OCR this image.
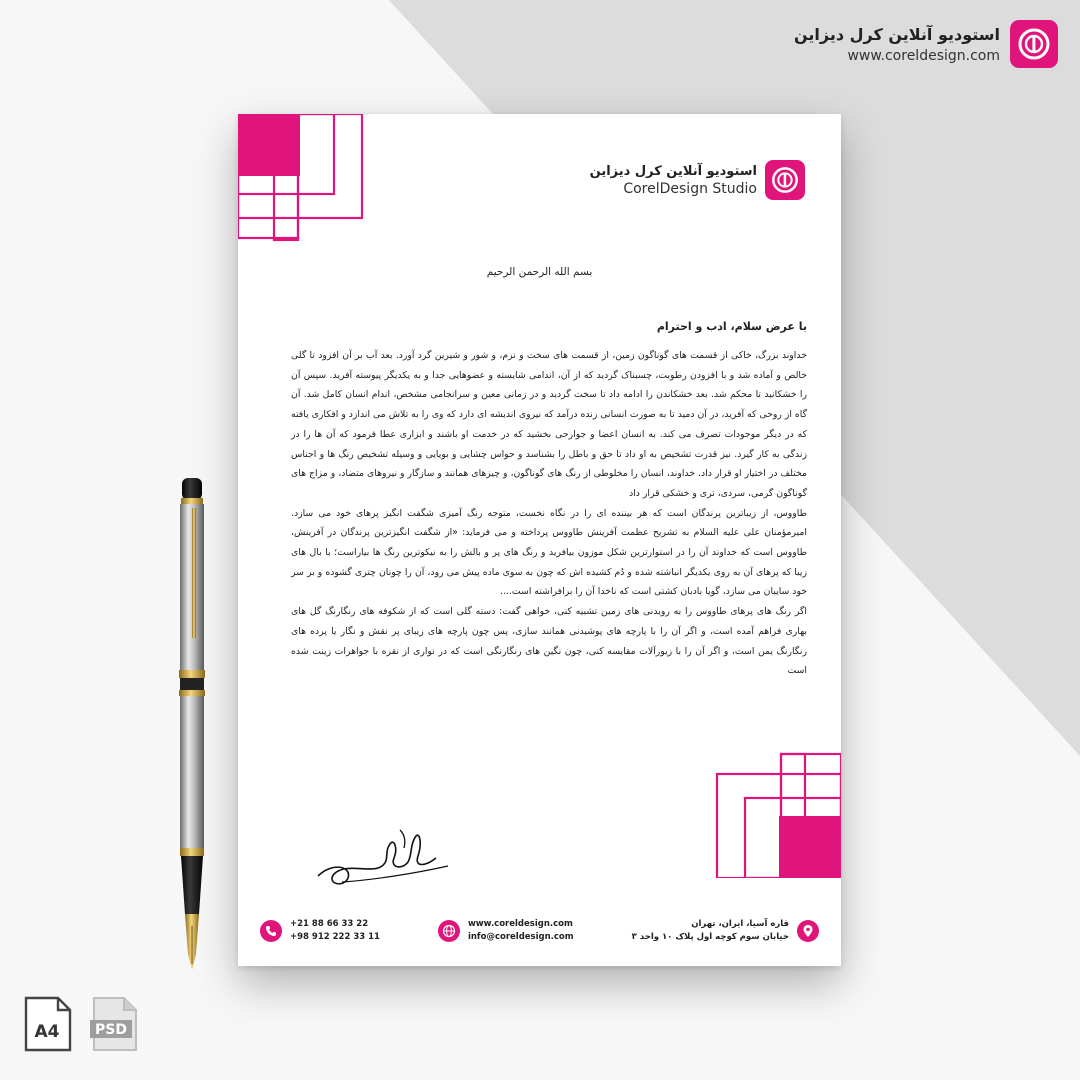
استودیو آنلاین کرل دیزاین
www.coreldesign.com
استودیو آنلاین کرل دیزاین
CorelDesign Studio
بسم الله الرحمن الرحیم
با عرض سلام، ادب و احترام

خداوند بزرگ، خاکی از قسمت های گوناگون زمین، از قسمت های سخت و نرم، و شور و شیرین گرد آورد. بعد آب بر آن افزود تا گلی خالص و آماده شد و با افزودن رطوبت، چسبناک گردید که از آن، اندامی شایسته و عضوهایی جدا و به یکدیگر پیوسته آفرید. سپس آن را خشکانید تا محکم شد. بعد خشکاندن را ادامه داد تا سخت گردید و در زمانی معین و سرانجامی مشخص، اندام انسان کامل شد. آن گاه از روحی که آفرید، در آن دمید تا به صورت انسانی زنده درآمد که نیروی اندیشه ای دارد که وی را به تلاش می اندازد و افکاری یافته که در دیگر موجودات تصرف می کند. به انسان اعضا و جوارحی بخشید که در خدمت او باشند و ابزاری عطا فرمود که آن ها را در زندگی به کار گیرد. نیز قدرت تشخیص به او داد تا حق و باطل را بشناسد و حواس چشایی و بویایی و وسیله تشخیص رنگ ها و اجناس مختلف در اختیار او قرار داد. خداوند، انسان را مخلوطی از رنگ های گوناگون، و چیزهای همانند و سازگار و نیروهای متضاد، و مزاج های گوناگون گرمی، سردی، تری و خشکی قرار داد

طاووس، از زیباترین پرندگان است که هر بیننده ای را در نگاه نخست، متوجه رنگ آمیزی شگفت انگیز پرهای خود می سازد. امیرمؤمنان علی علیه السلام به تشریح عظمت آفرینش طاووس پرداخته و می فرماید: «از شگفت انگیزترین پرندگان در آفرینش، طاووس است که خداوند آن را در استوارترین شکل موزون بیافرید و رنگ های پر و بالش را به نیکوترین رنگ ها بیاراست؛ با بال های زیبا که پرهای آن به روی یکدیگر انباشته شده و دُم کشیده اش که چون به سوی ماده پیش می رود، آن را چونان چتری گشوده و بر سر خود سایبان می سازد، گویا بادبان کشتی است که ناخدا آن را برافراشته است....

اگر رنگ های پرهای طاووس را به رویدنی های زمین تشبیه کنی، خواهی گفت: دسته گلی است که از شکوفه های رنگارنگ گل های بهاری فراهم آمده است، و اگر آن را با پارچه های پوشیدنی همانند سازی، پس چون پارچه های زیبای پر نقش و نگار یا پرده های رنگارنگ یمن است، و اگر آن را با زیورآلات مقایسه کنی، چون نگین های رنگارنگی است که در نواری از نقره با جواهرات زینت شده است

+21 88 66 33 22
+98 912 222 33 11
www.coreldesign.com
info@coreldesign.com
قاره آسیا، ایران، تهران
خیابان سوم کوچه اول پلاک ۱۰ واحد ۳
A4	PSD
